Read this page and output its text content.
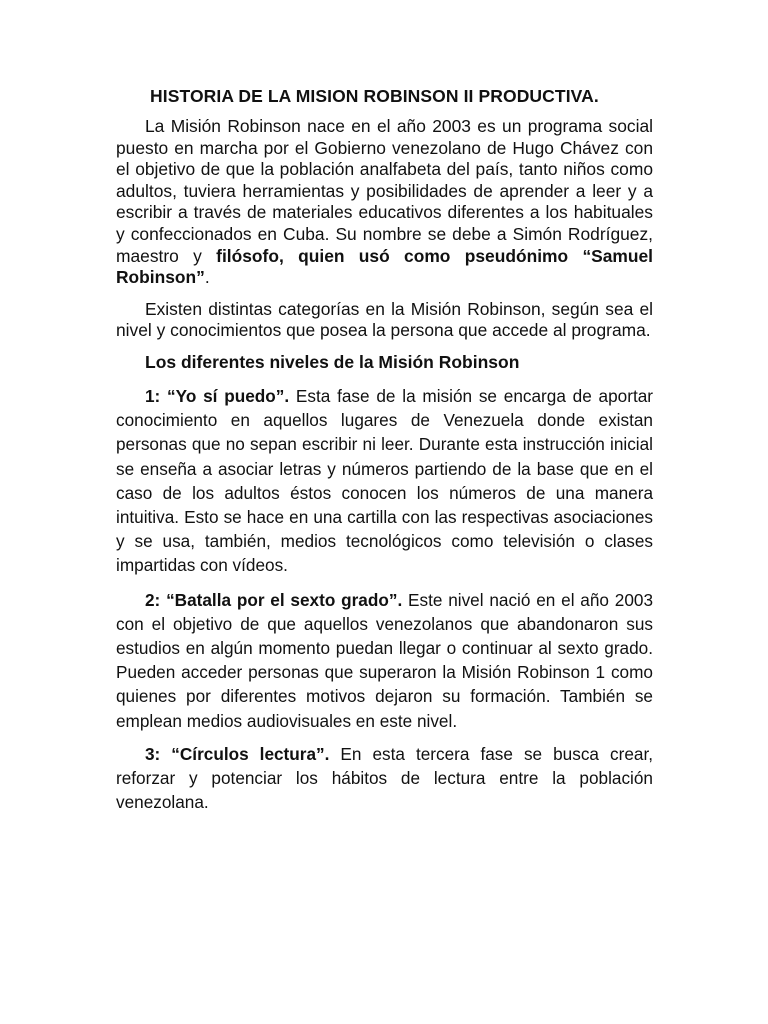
HISTORIA DE LA MISION ROBINSON II PRODUCTIVA.

La Misión Robinson nace en el año 2003 es un programa social puesto en marcha por el Gobierno venezolano de Hugo Chávez con el objetivo de que la población analfabeta del país, tanto niños como adultos, tuviera herramientas y posibilidades de aprender a leer y a escribir a través de materiales educativos diferentes a los habituales y confeccionados en Cuba. Su nombre se debe a Simón Rodríguez, maestro y filósofo, quien usó como pseudónimo “Samuel Robinson”.

Existen distintas categorías en la Misión Robinson, según sea el nivel y conocimientos que posea la persona que accede al programa.

Los diferentes niveles de la Misión Robinson

1: “Yo sí puedo”. Esta fase de la misión se encarga de aportar conocimiento en aquellos lugares de Venezuela donde existan personas que no sepan escribir ni leer. Durante esta instrucción inicial se enseña a asociar letras y números partiendo de la base que en el caso de los adultos éstos conocen los números de una manera intuitiva. Esto se hace en una cartilla con las respectivas asociaciones y se usa, también, medios tecnológicos como televisión o clases impartidas con vídeos.

2: “Batalla por el sexto grado”. Este nivel nació en el año 2003 con el objetivo de que aquellos venezolanos que abandonaron sus estudios en algún momento puedan llegar o continuar al sexto grado. Pueden acceder personas que superaron la Misión Robinson 1 como quienes por diferentes motivos dejaron su formación. También se emplean medios audiovisuales en este nivel.

3: “Círculos lectura”. En esta tercera fase se busca crear, reforzar y potenciar los hábitos de lectura entre la población venezolana.
